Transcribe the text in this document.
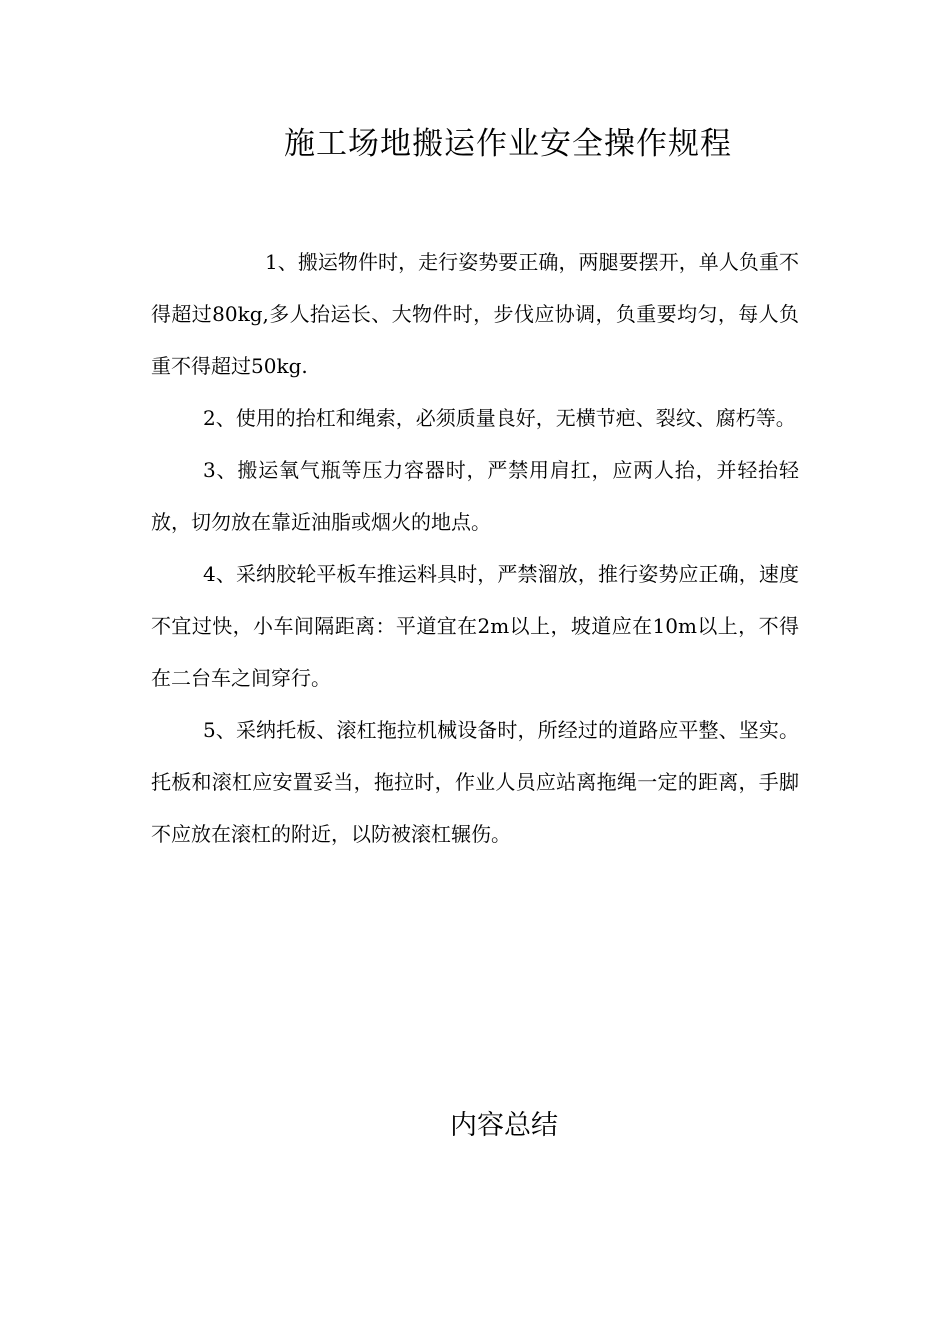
施工场地搬运作业安全操作规程

1、搬运物件时，走行姿势要正确，两腿要摆开，单人负重不得超过80kg,多人抬运长、大物件时，步伐应协调，负重要均匀，每人负重不得超过50kg.

2、使用的抬杠和绳索，必须质量良好，无横节疤、裂纹、腐朽等。

3、搬运氧气瓶等压力容器时，严禁用肩扛，应两人抬，并轻抬轻放，切勿放在靠近油脂或烟火的地点。

4、采纳胶轮平板车推运料具时，严禁溜放，推行姿势应正确，速度不宜过快，小车间隔距离：平道宜在2m以上，坡道应在10m以上，不得在二台车之间穿行。

5、采纳托板、滚杠拖拉机械设备时，所经过的道路应平整、坚实。托板和滚杠应安置妥当，拖拉时，作业人员应站离拖绳一定的距离，手脚不应放在滚杠的附近，以防被滚杠辗伤。

内容总结
